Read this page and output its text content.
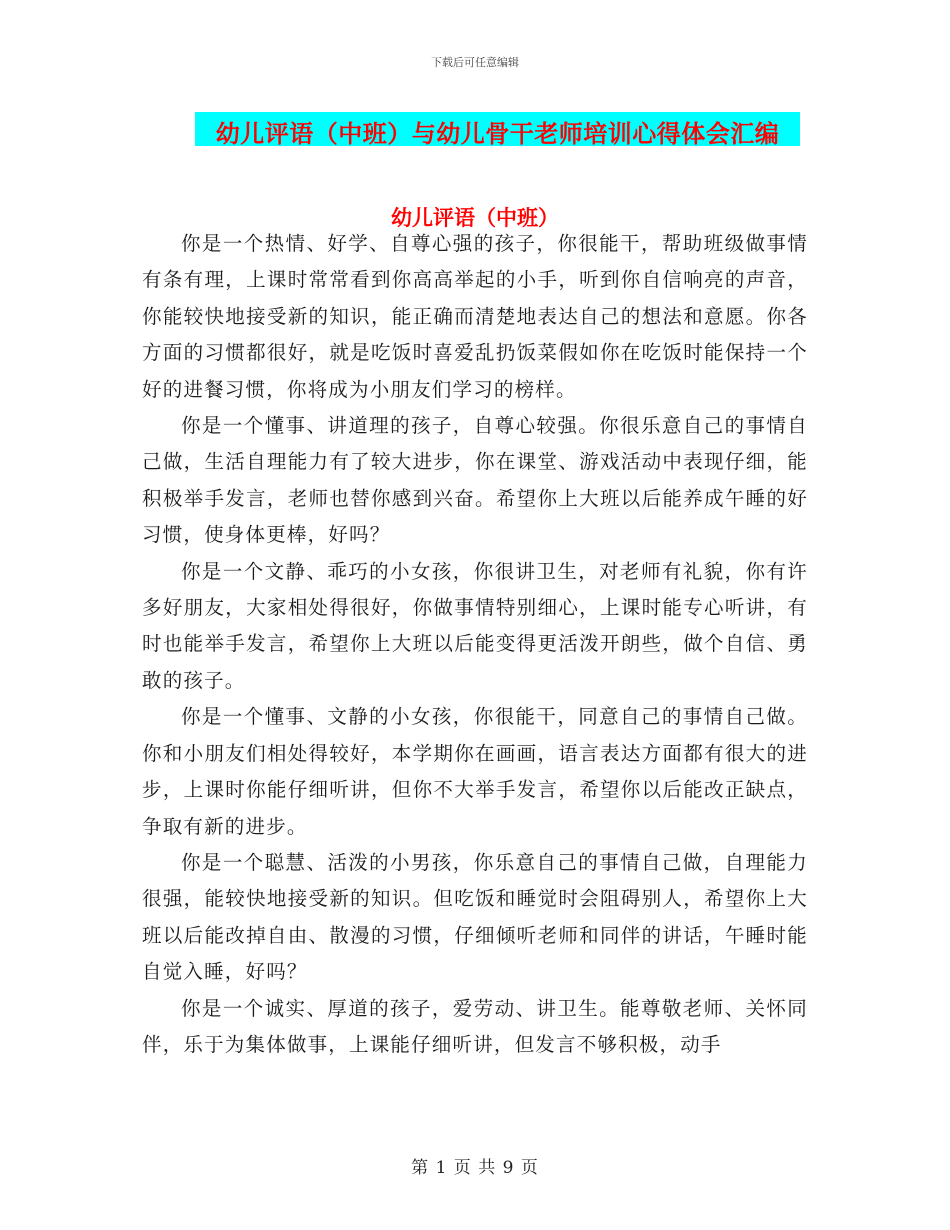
下载后可任意编辑
幼儿评语（中班）与幼儿骨干老师培训心得体会汇编
幼儿评语（中班）

你是一个热情、好学、自尊心强的孩子，你很能干，帮助班级做事情有条有理，上课时常常看到你高高举起的小手，听到你自信响亮的声音，你能较快地接受新的知识，能正确而清楚地表达自己的想法和意愿。你各方面的习惯都很好，就是吃饭时喜爱乱扔饭菜假如你在吃饭时能保持一个好的进餐习惯，你将成为小朋友们学习的榜样。

你是一个懂事、讲道理的孩子，自尊心较强。你很乐意自己的事情自己做，生活自理能力有了较大进步，你在课堂、游戏活动中表现仔细，能积极举手发言，老师也替你感到兴奋。希望你上大班以后能养成午睡的好习惯，使身体更棒，好吗？

你是一个文静、乖巧的小女孩，你很讲卫生，对老师有礼貌，你有许多好朋友，大家相处得很好，你做事情特别细心，上课时能专心听讲，有时也能举手发言，希望你上大班以后能变得更活泼开朗些，做个自信、勇敢的孩子。

你是一个懂事、文静的小女孩，你很能干，同意自己的事情自己做。你和小朋友们相处得较好，本学期你在画画，语言表达方面都有很大的进步，上课时你能仔细听讲，但你不大举手发言，希望你以后能改正缺点，争取有新的进步。

你是一个聪慧、活泼的小男孩，你乐意自己的事情自己做，自理能力很强，能较快地接受新的知识。但吃饭和睡觉时会阻碍别人，希望你上大班以后能改掉自由、散漫的习惯，仔细倾听老师和同伴的讲话，午睡时能自觉入睡，好吗？

你是一个诚实、厚道的孩子，爱劳动、讲卫生。能尊敬老师、关怀同伴，乐于为集体做事，上课能仔细听讲，但发言不够积极，动手

第 1 页 共 9 页
